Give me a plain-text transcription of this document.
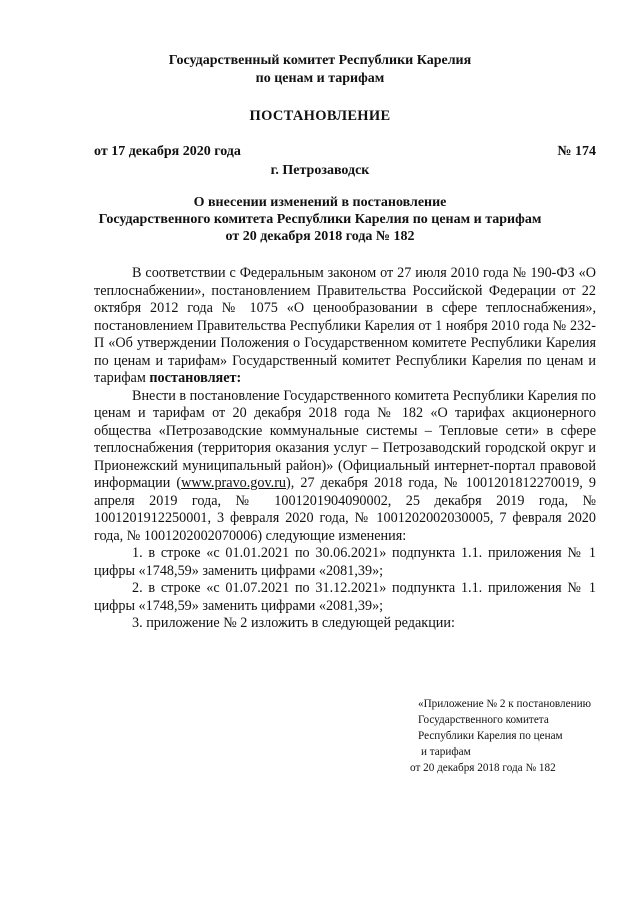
Государственный комитет Республики Карелия
по ценам и тарифам
ПОСТАНОВЛЕНИЕ
от 17 декабря 2020 года	№ 174
г. Петрозаводск
О внесении изменений в постановление
Государственного комитета Республики Карелия по ценам и тарифам
от 20 декабря 2018 года № 182

В соответствии с Федеральным законом от 27 июля 2010 года № 190-ФЗ «О теплоснабжении», постановлением Правительства Российской Федерации от 22 октября 2012 года № 1075 «О ценообразовании в сфере теплоснабжения», постановлением Правительства Республики Карелия от 1 ноября 2010 года № 232-П «Об утверждении Положения о Государственном комитете Республики Карелия по ценам и тарифам» Государственный комитет Республики Карелия по ценам и тарифам постановляет:

Внести в постановление Государственного комитета Республики Карелия по ценам и тарифам от 20 декабря 2018 года № 182 «О тарифах акционерного общества «Петрозаводские коммунальные системы – Тепловые сети» в сфере теплоснабжения (территория оказания услуг – Петрозаводский городской округ и Прионежский муниципальный район)» (Официальный интернет-портал правовой информации (www.pravo.gov.ru), 27 декабря 2018 года, № 1001201812270019, 9 апреля 2019 года, № 1001201904090002, 25 декабря 2019 года, № 1001201912250001, 3 февраля 2020 года, № 1001202002030005, 7 февраля 2020 года, № 1001202002070006) следующие изменения:

1. в строке «с 01.01.2021 по 30.06.2021» подпункта 1.1. приложения № 1 цифры «1748,59» заменить цифрами «2081,39»;

2. в строке «с 01.07.2021 по 31.12.2021» подпункта 1.1. приложения № 1 цифры «1748,59» заменить цифрами «2081,39»;

3. приложение № 2 изложить в следующей редакции:

«Приложение № 2 к постановлению
Государственного комитета
Республики Карелия по ценам
и тарифам
от 20 декабря 2018 года № 182
